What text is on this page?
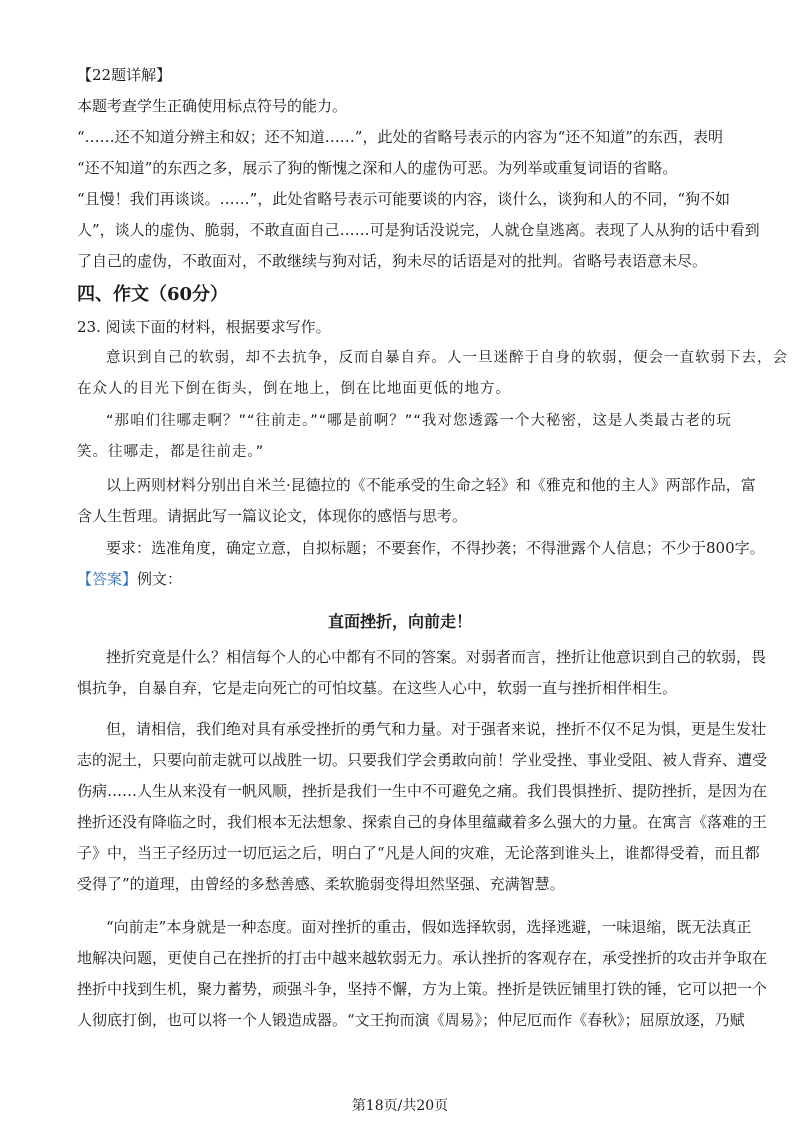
【22题详解】
本题考查学生正确使用标点符号的能力。
“……还不知道分辨主和奴；还不知道……”，此处的省略号表示的内容为“还不知道”的东西，表明
“还不知道”的东西之多，展示了狗的惭愧之深和人的虚伪可恶。为列举或重复词语的省略。
“且慢！我们再谈谈。……”，此处省略号表示可能要谈的内容，谈什么，谈狗和人的不同，“狗不如
人”，谈人的虚伪、脆弱，不敢直面自己……可是狗话没说完，人就仓皇逃离。表现了人从狗的话中看到
了自己的虚伪，不敢面对，不敢继续与狗对话，狗未尽的话语是对的批判。省略号表语意未尽。
四、作文（60分）
23. 阅读下面的材料，根据要求写作。
意识到自己的软弱，却不去抗争，反而自暴自弃。人一旦迷醉于自身的软弱，便会一直软弱下去，会
在众人的目光下倒在街头，倒在地上，倒在比地面更低的地方。
“那咱们往哪走啊？”“往前走。”“哪是前啊？”“我对您透露一个大秘密，这是人类最古老的玩
笑。往哪走，都是往前走。”
以上两则材料分别出自米兰·昆德拉的《不能承受的生命之轻》和《雅克和他的主人》两部作品，富
含人生哲理。请据此写一篇议论文，体现你的感悟与思考。
要求：选准角度，确定立意，自拟标题；不要套作，不得抄袭；不得泄露个人信息；不少于800字。
【答案】例文：
直面挫折，向前走！
挫折究竟是什么？相信每个人的心中都有不同的答案。对弱者而言，挫折让他意识到自己的软弱，畏
惧抗争，自暴自弃，它是走向死亡的可怕坟墓。在这些人心中，软弱一直与挫折相伴相生。
但，请相信，我们绝对具有承受挫折的勇气和力量。对于强者来说，挫折不仅不足为惧，更是生发壮
志的泥土，只要向前走就可以战胜一切。只要我们学会勇敢向前！学业受挫、事业受阻、被人背弃、遭受
伤病……人生从来没有一帆风顺，挫折是我们一生中不可避免之痛。我们畏惧挫折、提防挫折，是因为在
挫折还没有降临之时，我们根本无法想象、探索自己的身体里蕴藏着多么强大的力量。在寓言《落难的王
子》中，当王子经历过一切厄运之后，明白了“凡是人间的灾难，无论落到谁头上，谁都得受着，而且都
受得了”的道理，由曾经的多愁善感、柔软脆弱变得坦然坚强、充满智慧。
“向前走”本身就是一种态度。面对挫折的重击，假如选择软弱，选择逃避，一味退缩，既无法真正
地解决问题，更使自己在挫折的打击中越来越软弱无力。承认挫折的客观存在，承受挫折的攻击并争取在
挫折中找到生机，聚力蓄势，顽强斗争，坚持不懈，方为上策。挫折是铁匠铺里打铁的锤，它可以把一个
人彻底打倒，也可以将一个人锻造成器。“文王拘而演《周易》；仲尼厄而作《春秋》；屈原放逐，乃赋
第18页/共20页
